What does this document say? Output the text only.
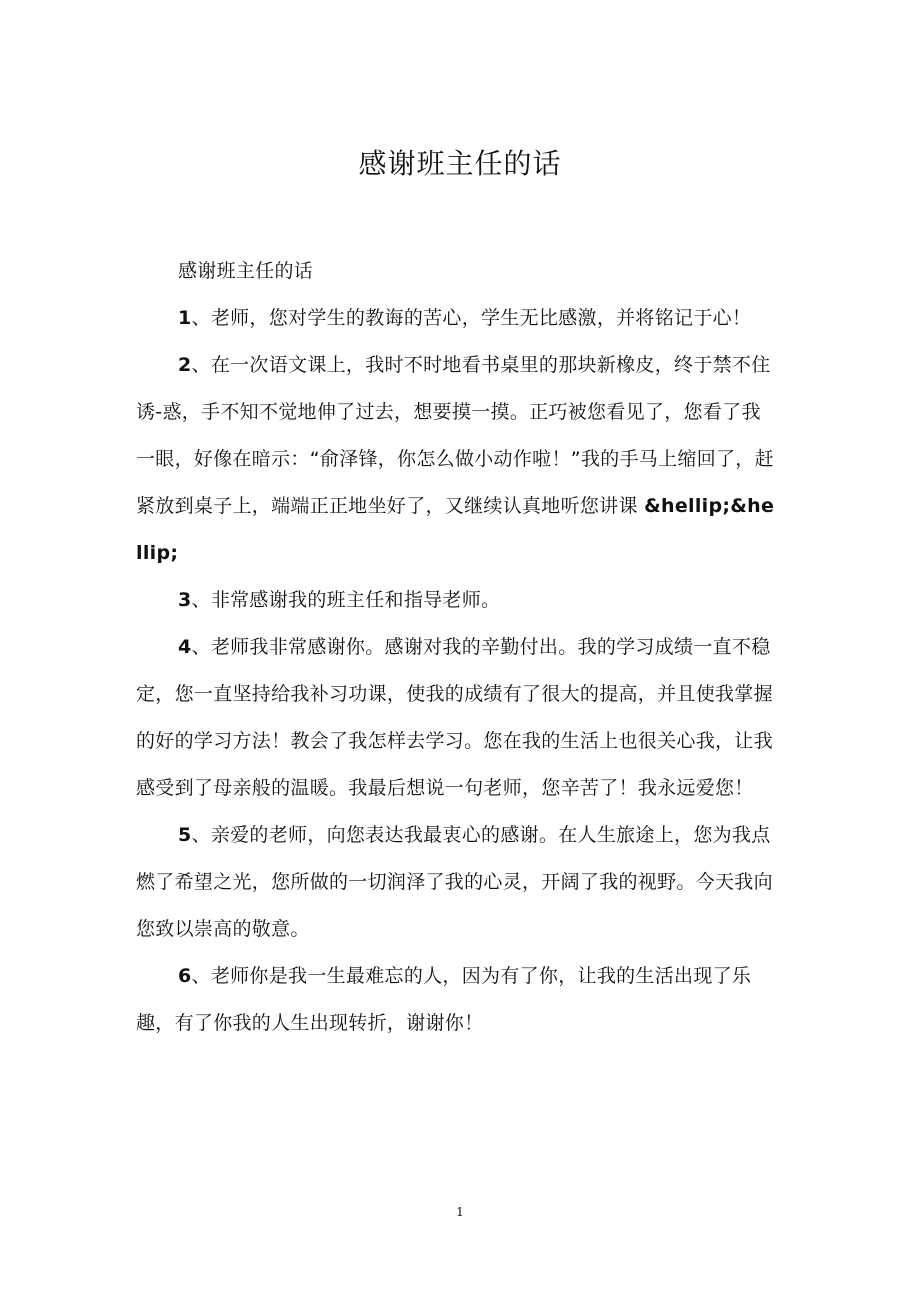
感谢班主任的话

感谢班主任的话

1、老师，您对学生的教诲的苦心，学生无比感激，并将铭记于心！

2、在一次语文课上，我时不时地看书桌里的那块新橡皮，终于禁不住诱-惑，手不知不觉地伸了过去，想要摸一摸。正巧被您看见了，您看了我一眼，好像在暗示：“俞泽锋，你怎么做小动作啦！”我的手马上缩回了，赶紧放到桌子上，端端正正地坐好了，又继续认真地听您讲课 &hellip;&hellip;

3、非常感谢我的班主任和指导老师。

4、老师我非常感谢你。感谢对我的辛勤付出。我的学习成绩一直不稳定，您一直坚持给我补习功课，使我的成绩有了很大的提高，并且使我掌握的好的学习方法！教会了我怎样去学习。您在我的生活上也很关心我，让我感受到了母亲般的温暖。我最后想说一句老师，您辛苦了！我永远爱您！

5、亲爱的老师，向您表达我最衷心的感谢。在人生旅途上，您为我点燃了希望之光，您所做的一切润泽了我的心灵，开阔了我的视野。今天我向您致以崇高的敬意。

6、老师你是我一生最难忘的人，因为有了你，让我的生活出现了乐趣，有了你我的人生出现转折，谢谢你！

1
